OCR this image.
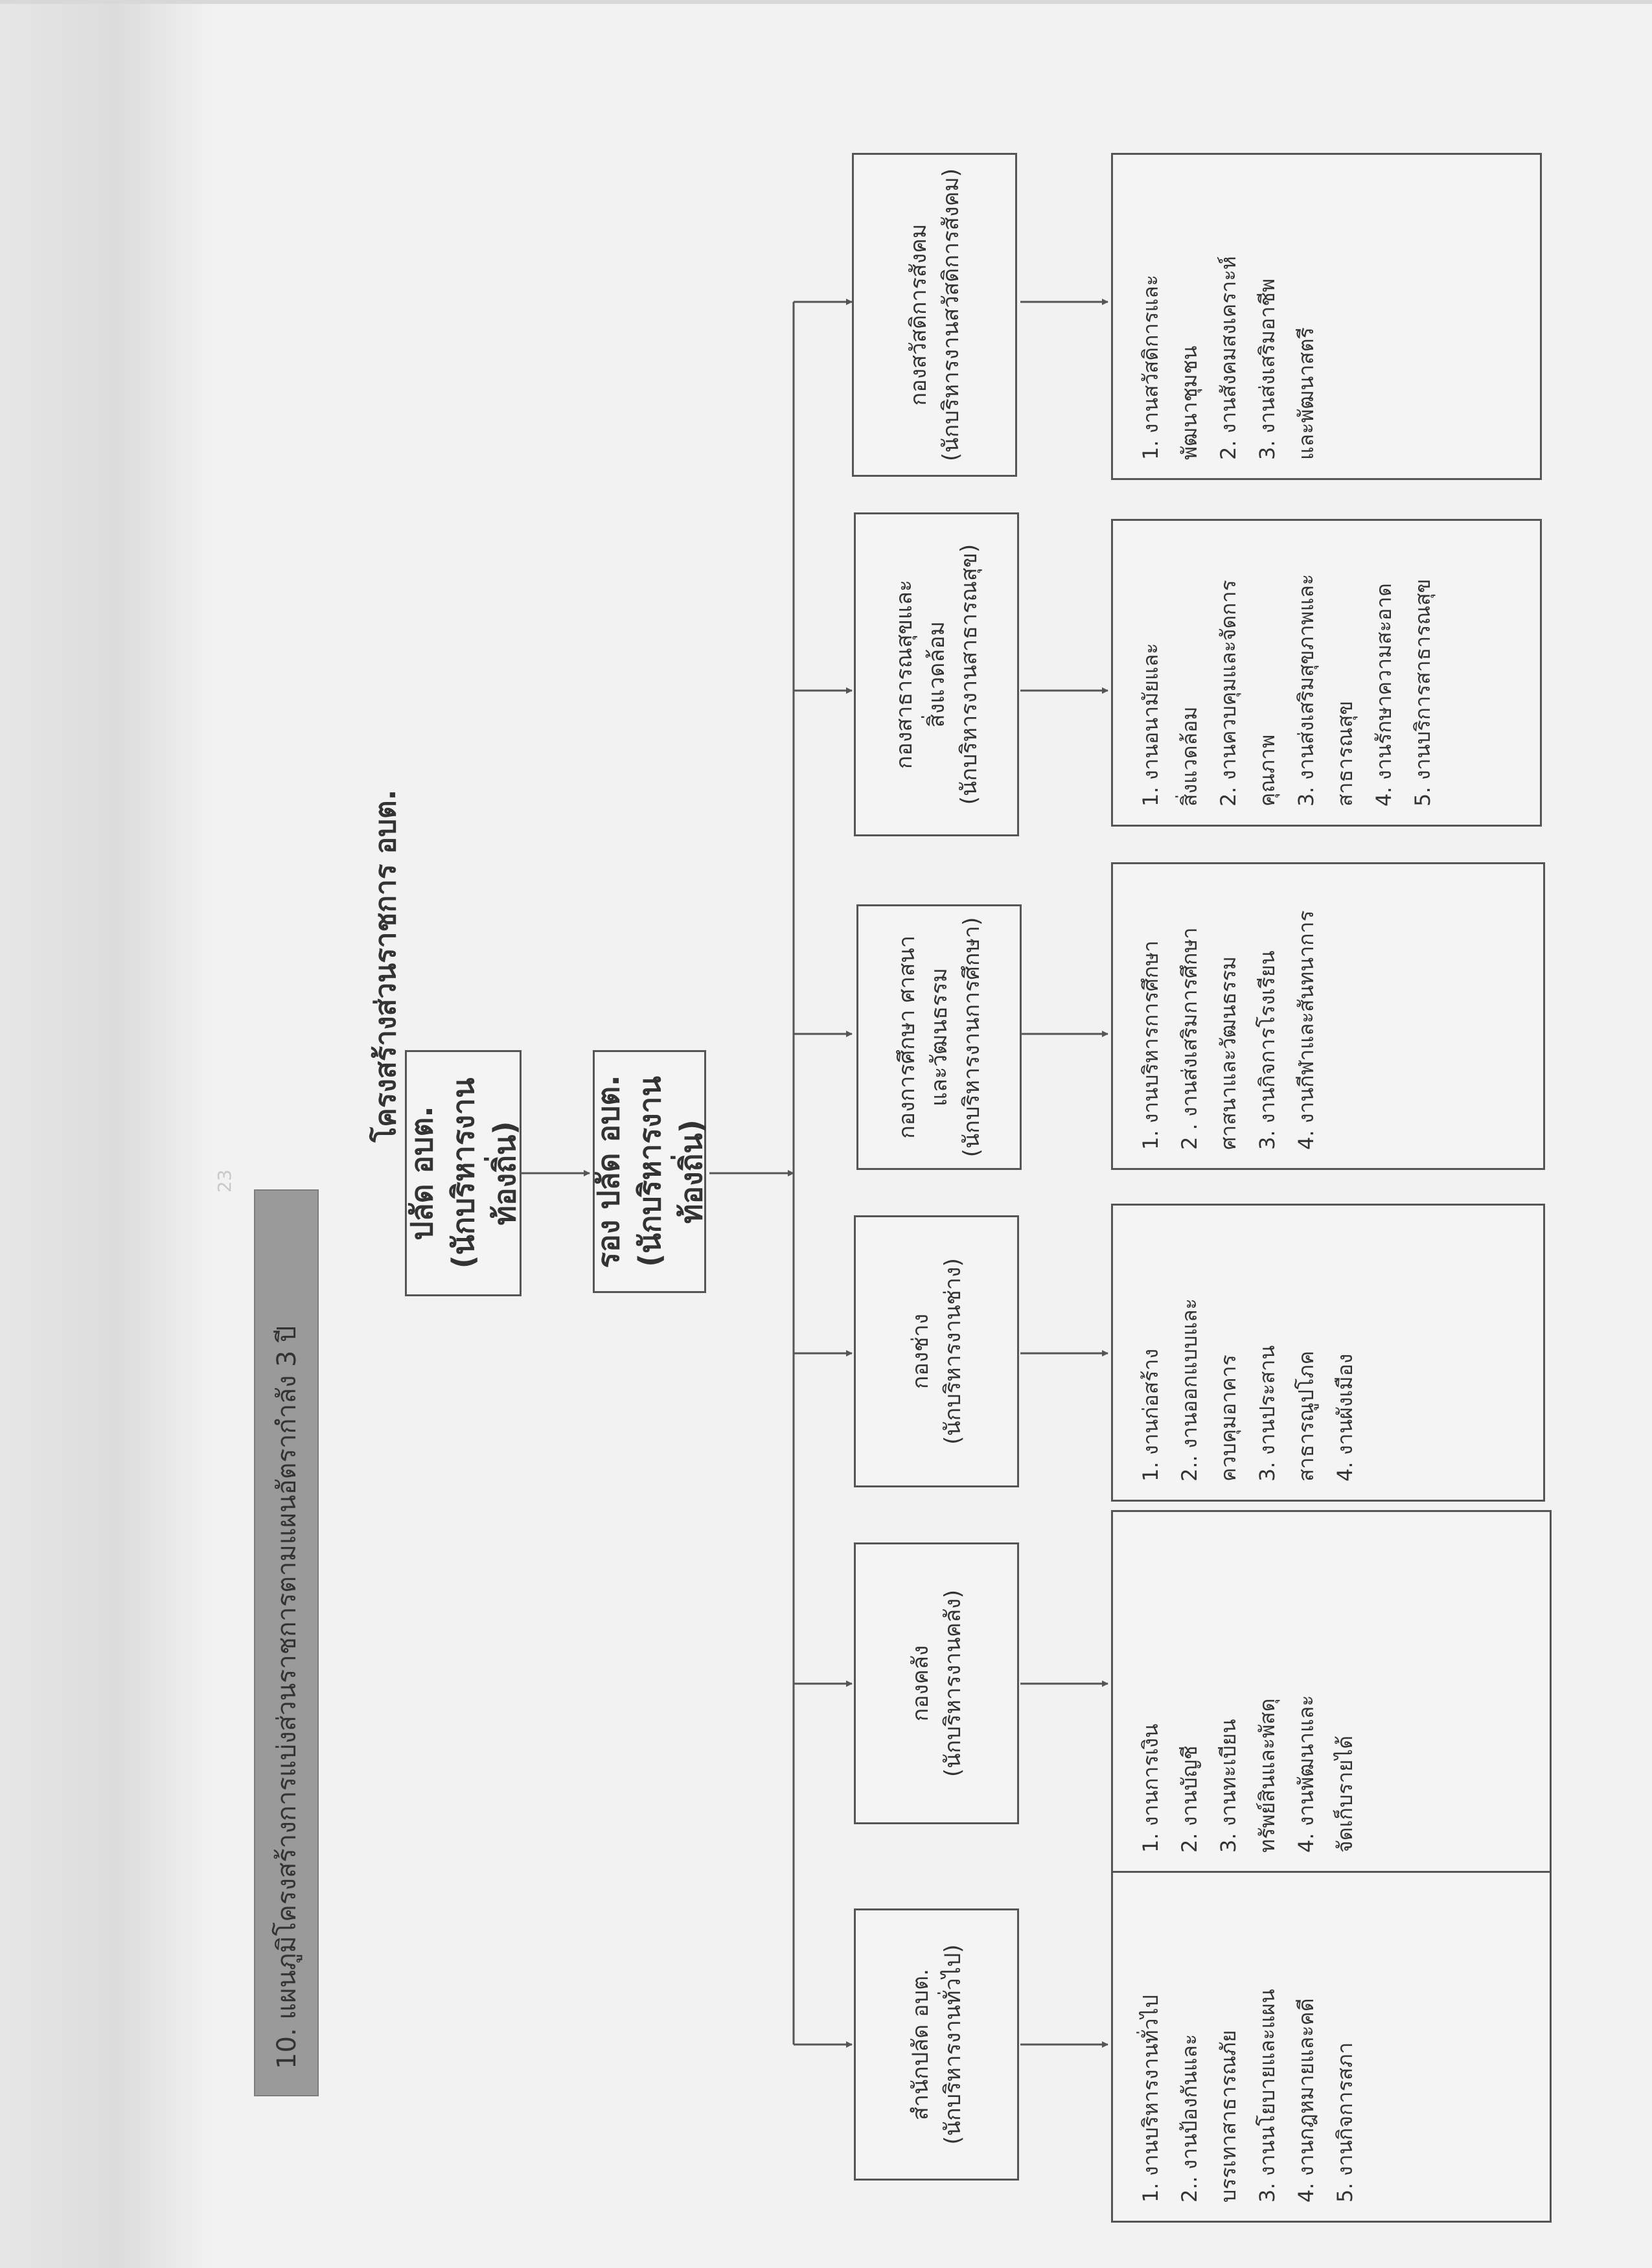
10. แผนภูมิโครงสร้างการแบ่งส่วนราชการตามแผนอัตรากำลัง 3 ปี
23
โครงสร้างส่วนราชการ อบต.
ปลัด อบต. (นักบริหารงานท้องถิ่น) รอง ปลัด อบต. (นักบริหารงานท้องถิ่น)
สำนักปลัด อบต. (นักบริหารงานทั่วไป)
กองคลัง (นักบริหารงานคลัง)
กองช่าง (นักบริหารงานช่าง)
กองการศึกษา ศาสนา และวัฒนธรรม (นักบริหารงานการศึกษา)
กองสาธารณสุขและ สิ่งแวดล้อม (นักบริหารงานสาธารณสุข)
กองสวัสดิการสังคม (นักบริหารงานสวัสดิการสังคม)
1. งานบริหารงานทั่วไป 2.. งานป้องกันและ
บรรเทาสาธารณภัย 3. งานนโยบายและแผน 4. งานกฎหมายและคดี 5. งานกิจการสภา
1. งานการเงิน 2. งานบัญชี 3. งานทะเบียน
ทรัพย์สินและพัสดุ 4. งานพัฒนาและ
จัดเก็บรายได้
1. งานก่อสร้าง 2.. งานออกแบบและ
ควบคุมอาคาร 3. งานประสาน
สาธารณูปโภค 4. งานผังเมือง
1. งานบริหารการศึกษา 2 . งานส่งเสริมการศึกษา
ศาสนาและวัฒนธรรม 3. งานกิจการโรงเรียน 4. งานกีฬาและสันทนาการ
1. งานอนามัยและ
สิ่งแวดล้อม 2. งานควบคุมและจัดการ
คุณภาพ 3. งานส่งเสริมสุขภาพและ
สาธารณสุข 4. งานรักษาความสะอาด 5. งานบริการสาธารณสุข
1. งานสวัสดิการและ
พัฒนาชุมชน 2. งานสังคมสงเคราะห์ 3. งานส่งเสริมอาชีพ
และพัฒนาสตรี
